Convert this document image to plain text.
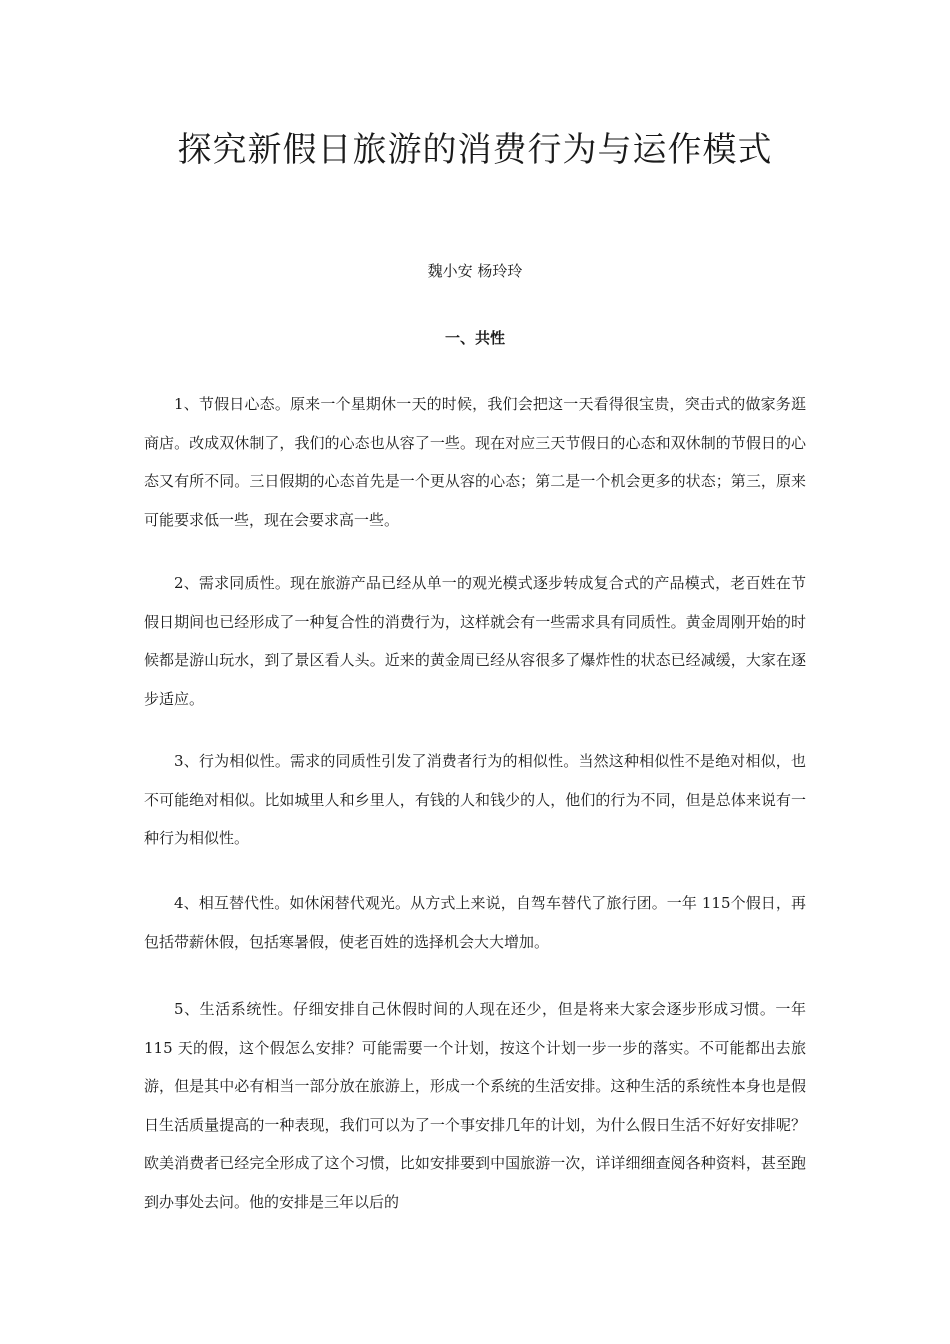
探究新假日旅游的消费行为与运作模式
魏小安 杨玲玲
一、共性

1、节假日心态。原来一个星期休一天的时候，我们会把这一天看得很宝贵，突击式的做家务逛商店。改成双休制了，我们的心态也从容了一些。现在对应三天节假日的心态和双休制的节假日的心态又有所不同。三日假期的心态首先是一个更从容的心态；第二是一个机会更多的状态；第三，原来可能要求低一些，现在会要求高一些。

2、需求同质性。现在旅游产品已经从单一的观光模式逐步转成复合式的产品模式，老百姓在节假日期间也已经形成了一种复合性的消费行为，这样就会有一些需求具有同质性。黄金周刚开始的时候都是游山玩水，到了景区看人头。近来的黄金周已经从容很多了爆炸性的状态已经减缓，大家在逐步适应。

3、行为相似性。需求的同质性引发了消费者行为的相似性。当然这种相似性不是绝对相似，也不可能绝对相似。比如城里人和乡里人，有钱的人和钱少的人，他们的行为不同，但是总体来说有一种行为相似性。

4、相互替代性。如休闲替代观光。从方式上来说，自驾车替代了旅行团。一年 115个假日，再包括带薪休假，包括寒暑假，使老百姓的选择机会大大增加。

5、生活系统性。仔细安排自己休假时间的人现在还少，但是将来大家会逐步形成习惯。一年 115 天的假，这个假怎么安排？可能需要一个计划，按这个计划一步一步的落实。不可能都出去旅游，但是其中必有相当一部分放在旅游上，形成一个系统的生活安排。这种生活的系统性本身也是假日生活质量提高的一种表现，我们可以为了一个事安排几年的计划，为什么假日生活不好好安排呢？欧美消费者已经完全形成了这个习惯，比如安排要到中国旅游一次，详详细细查阅各种资料，甚至跑到办事处去问。他的安排是三年以后的
